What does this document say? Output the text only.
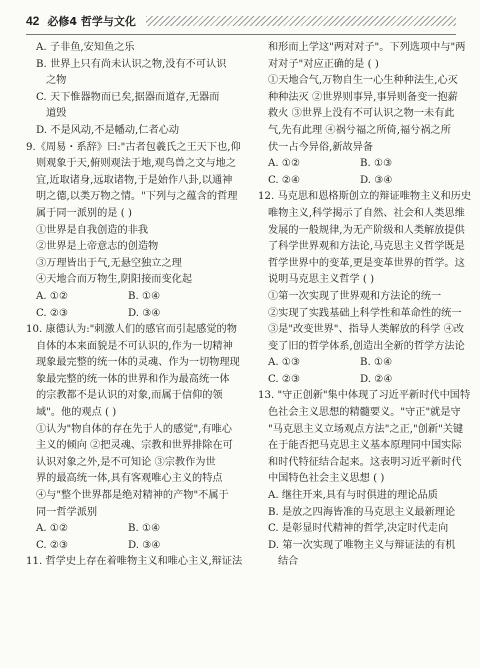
42 必修4 哲学与文化
A. 子非鱼,安知鱼之乐
B. 世界上只有尚未认识之物,没有不可认识
之物
C. 天下惟器物而已矣,据器而道存,无器而
道毁
D. 不是风动,不是幡动,仁者心动
9.《周易・系辞》曰:"古者包羲氏之王天下也,仰
则观象于天,俯则观法于地,观鸟兽之文与地之
宜,近取诸身,远取诸物,于是始作八卦,以通神
明之德,以类万物之情。"下列与之蕴含的哲理
属于同一派别的是 ( )
①世界是自我创造的非我
②世界是上帝意志的创造物
③万理皆出于气,无悬空独立之理
④天地合而万物生,阴阳接而变化起
A. ①②	B. ①④
C. ②③	D. ③④
10. 康德认为:"刺激人们的感官而引起感觉的物
自体的本来面貌是不可认识的,作为一切精神
现象最完整的统一体的灵魂、作为一切物理现
象最完整的统一体的世界和作为最高统一体
的宗教都不是认识的对象,而属于信仰的领
域"。他的观点 ( )
①认为"物自体的存在先于人的感觉",有唯心
主义的倾向 ②把灵魂、宗教和世界排除在可
认识对象之外,是不可知论 ③宗教作为世
界的最高统一体,具有客观唯心主义的特点
④与"整个世界都是绝对精神的产物"不属于
同一哲学派别
A. ①②	B. ①④
C. ②③	D. ③④
11. 哲学史上存在着唯物主义和唯心主义,辩证法
和形而上学这"两对对子"。下列选项中与"两
对对子"对应正确的是 ( )
①天地合气,万物自生一心生种种法生,心灭
种种法灭 ②世界则事异,事异则备变一抱薪
救火 ③世界上没有不可认识之物一未有此
气,先有此理 ④祸兮福之所倚,福兮祸之所
伏一占今异俗,新故异备
A. ①②	B. ①③
C. ②④	D. ③④
12. 马克思和恩格斯创立的辩证唯物主义和历史
唯物主义,科学揭示了自然、社会和人类思维
发展的一般规律,为无产阶级和人类解放提供
了科学世界观和方法论,马克思主义哲学既是
哲学世界中的变革,更是变革世界的哲学。这
说明马克思主义哲学 ( )
①第一次实现了世界观和方法论的统一
②实现了实践基础上科学性和革命性的统一
③是"改变世界"、指导人类解放的科学 ④改
变了旧的哲学体系,创造出全新的哲学方法论
A. ①③	B. ①④
C. ②③	D. ②④
13. "守正创新"集中体现了习近平新时代中国特
色社会主义思想的精髓要义。"守正"就是守
"马克思主义立场观点方法"之正,"创新"关键
在于能否把马克思主义基本原理同中国实际
和时代特征结合起来。这表明习近平新时代
中国特色社会主义思想 ( )
A. 继往开来,具有与时俱进的理论品质
B. 是放之四海皆准的马克思主义最新理论
C. 是彰显时代精神的哲学,决定时代走向
D. 第一次实现了唯物主义与辩证法的有机
结合
